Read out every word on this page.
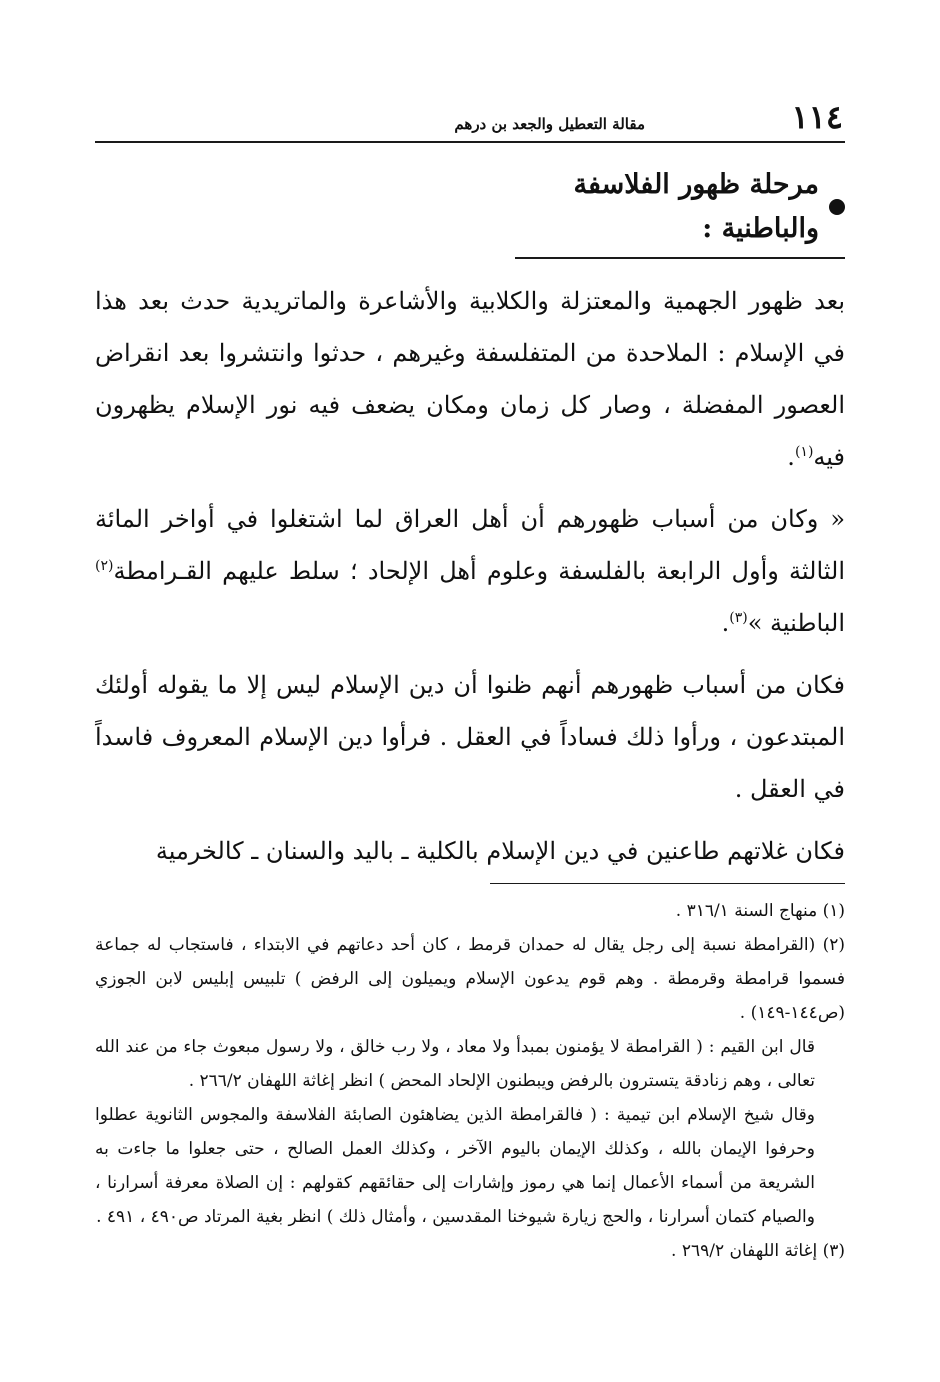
١١٤
مقالة التعطيل والجعد بن درهم
مرحلة ظهور الفلاسفة والباطنية :

بعد ظهور الجهمية والمعتزلة والكلابية والأشاعرة والماتريدية حدث بعد هذا في الإسلام : الملاحدة من المتفلسفة وغيرهم ، حدثوا وانتشروا بعد انقراض العصور المفضلة ، وصار كل زمان ومكان يضعف فيه نور الإسلام يظهرون فيه$^{(١)}$.

« وكان من أسباب ظهورهم أن أهل العراق لما اشتغلوا في أواخر المائة الثالثة وأول الرابعة بالفلسفة وعلوم أهل الإلحاد ؛ سلط عليهم القـرامطة$^{(٢)}$ الباطنية »$^{(٣)}$.

فكان من أسباب ظهورهم أنهم ظنوا أن دين الإسلام ليس إلا ما يقوله أولئك المبتدعون ، ورأوا ذلك فساداً في العقل . فرأوا دين الإسلام المعروف فاسداً في العقل .

فكان غلاتهم طاعنين في دين الإسلام بالكلية ـ باليد والسنان ـ كالخرمية

(١) منهاج السنة ٣١٦/١ .

(٢) (القرامطة نسبة إلى رجل يقال له حمدان قرمط ، كان أحد دعاتهم في الابتداء ، فاستجاب له جماعة فسموا قرامطة وقرمطة . وهم قوم يدعون الإسلام ويميلون إلى الرفض ) تلبيس إبليس لابن الجوزي (ص١٤٤-١٤٩) .

قال ابن القيم : ( القرامطة لا يؤمنون بمبدأ ولا معاد ، ولا رب خالق ، ولا رسول مبعوث جاء من عند الله تعالى ، وهم زنادقة يتسترون بالرفض ويبطنون الإلحاد المحض ) انظر إغاثة اللهفان ٢٦٦/٢ .

وقال شيخ الإسلام ابن تيمية : ( فالقرامطة الذين يضاهئون الصابئة الفلاسفة والمجوس الثانوية عطلوا وحرفوا الإيمان بالله ، وكذلك الإيمان باليوم الآخر ، وكذلك العمل الصالح ، حتى جعلوا ما جاءت به الشريعة من أسماء الأعمال إنما هي رموز وإشارات إلى حقائقهم كقولهم : إن الصلاة معرفة أسرارنا ، والصيام كتمان أسرارنا ، والحج زيارة شيوخنا المقدسين ، وأمثال ذلك ) انظر بغية المرتاد ص٤٩٠ ، ٤٩١ .

(٣) إغاثة اللهفان ٢٦٩/٢ .
